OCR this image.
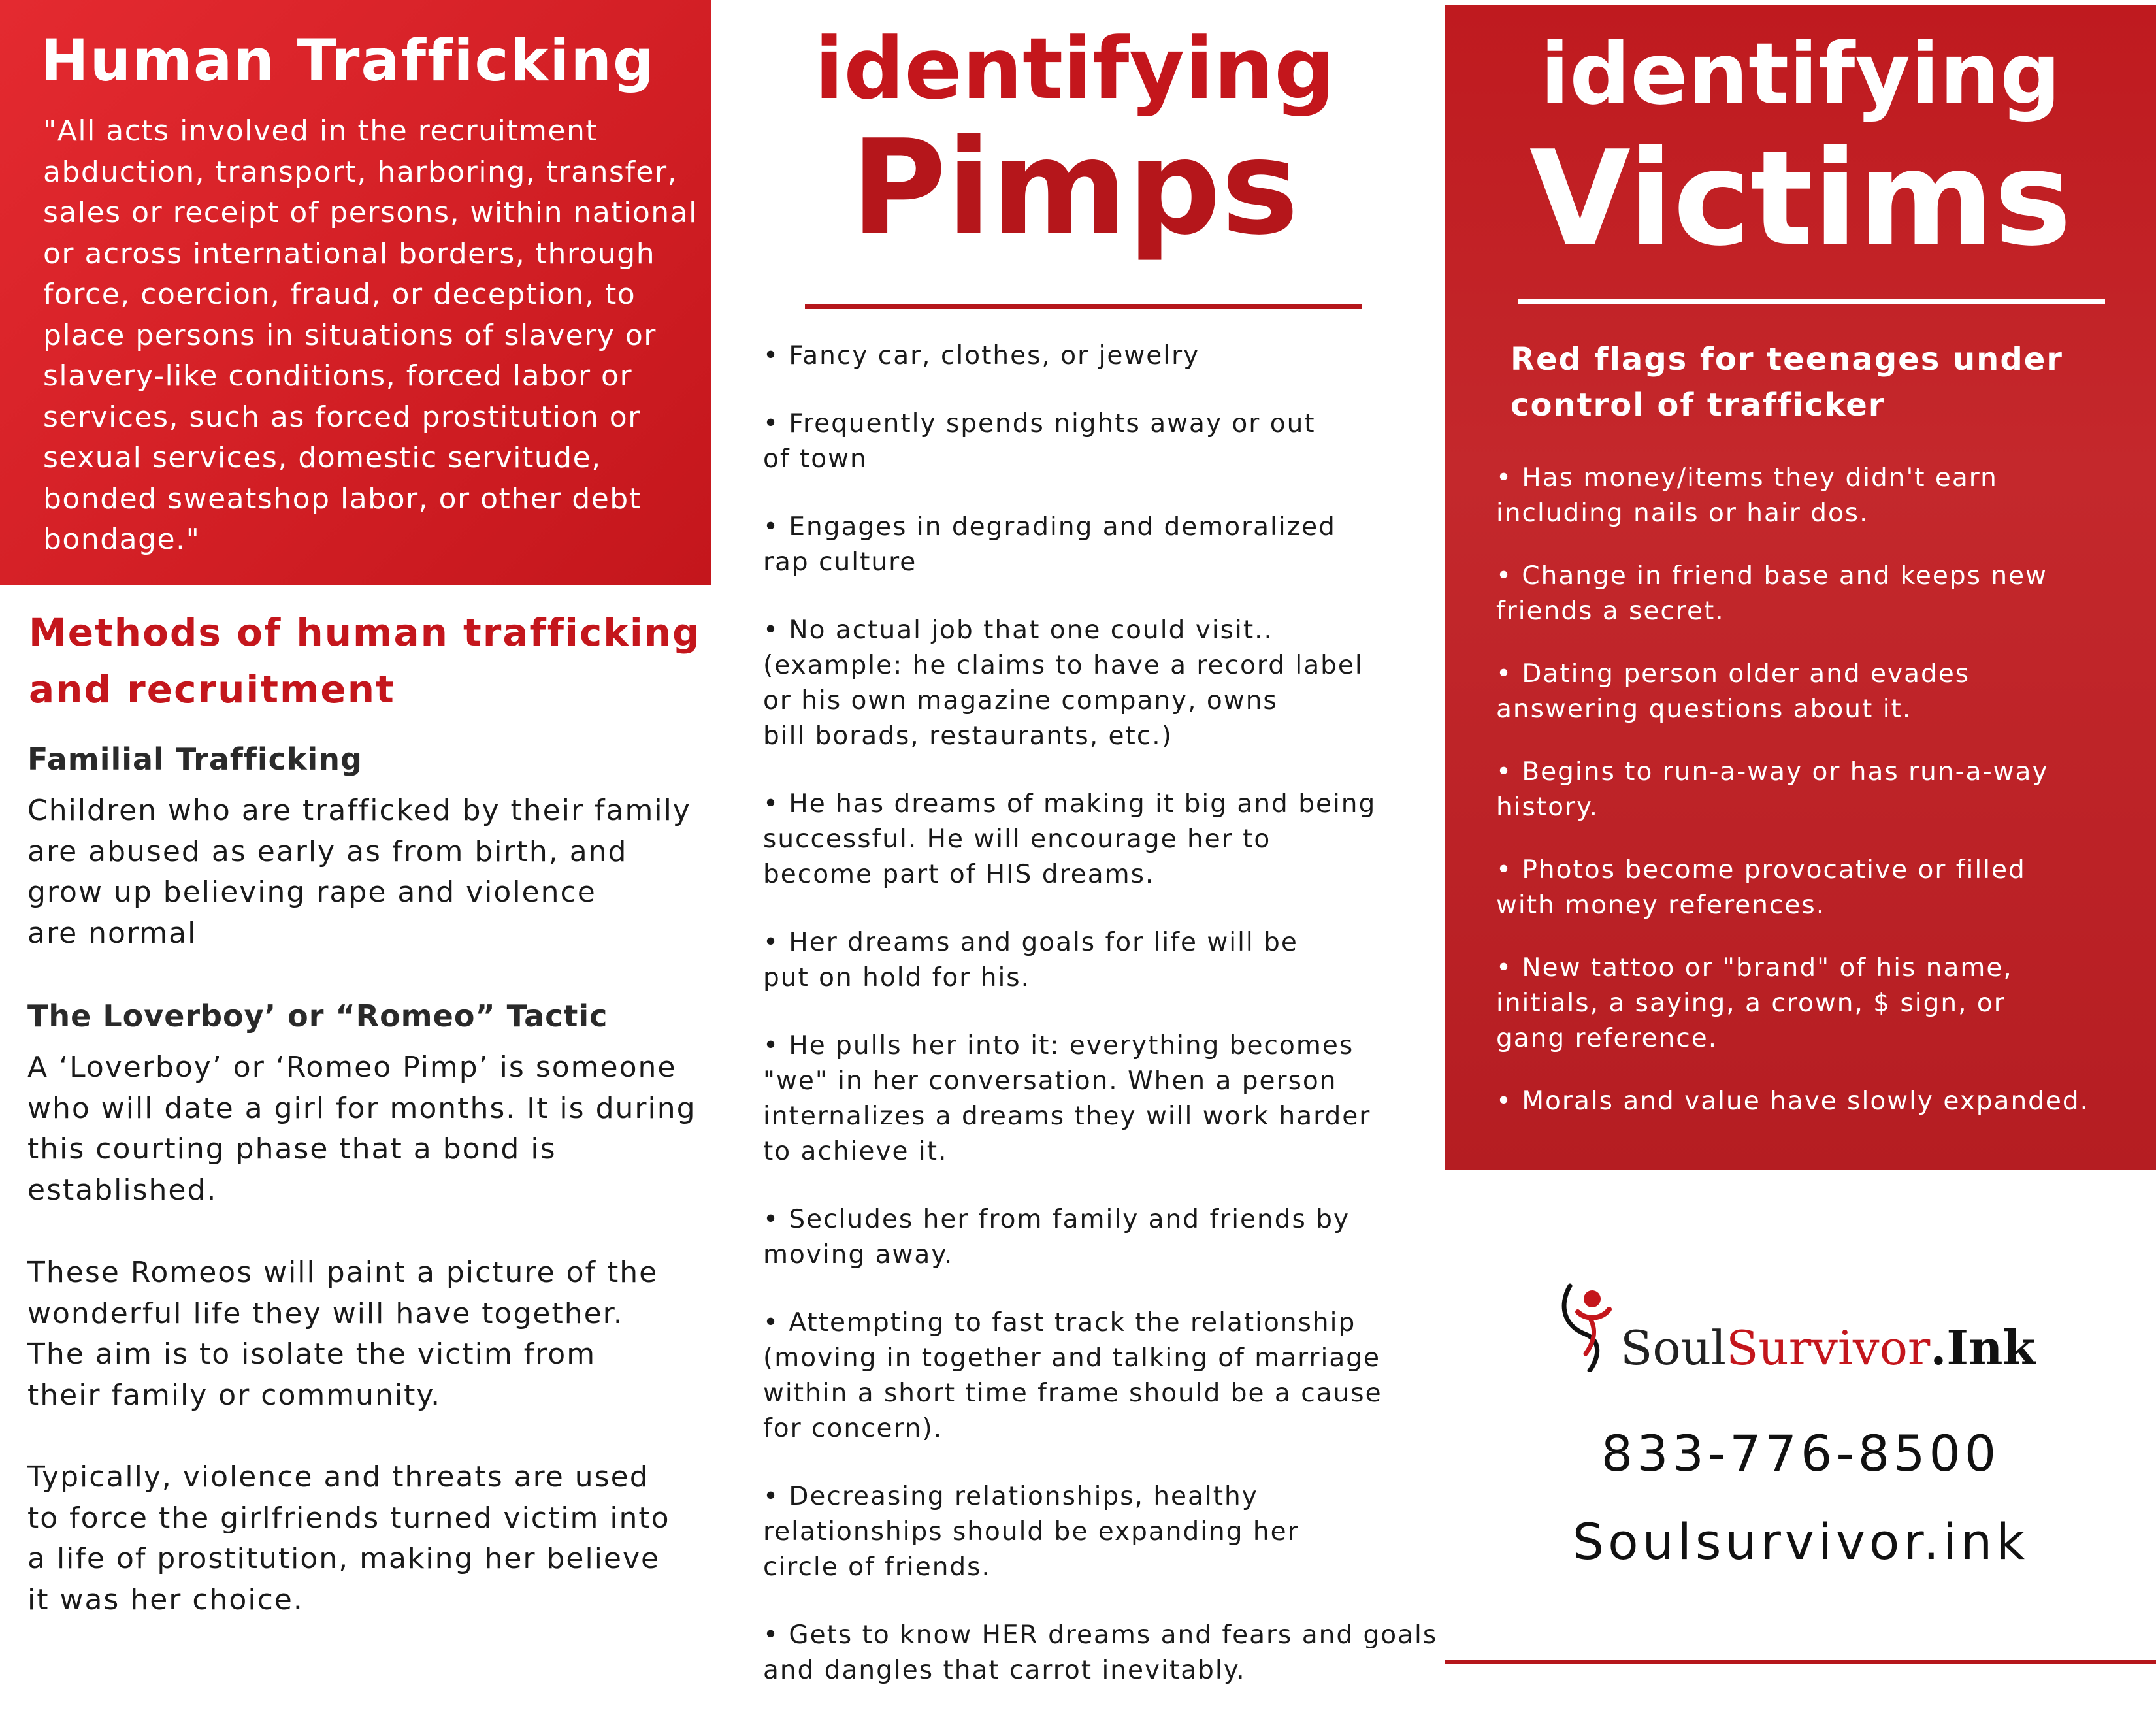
Human Trafficking

"All acts involved in the recruitment abduction, transport, harboring, transfer, sales or receipt of persons, within national or across international borders, through force, coercion, fraud, or deception, to place persons in situations of slavery or slavery-like conditions, forced labor or services, such as forced prostitution or sexual services, domestic servitude, bonded sweatshop labor, or other debt bondage."

Methods of human trafficking and recruitment
Familial Trafficking

Children who are trafficked by their family
are abused as early as from birth, and
grow up believing rape and violence
are normal

The Loverboy’ or “Romeo” Tactic

A ‘Loverboy’ or ‘Romeo Pimp’ is someone
who will date a girl for months. It is during
this courting phase that a bond is
established.

These Romeos will paint a picture of the
wonderful life they will have together.
The aim is to isolate the victim from
their family or community.

Typically, violence and threats are used
to force the girlfriends turned victim into
a life of prostitution, making her believe
it was her choice.

identifying
Pimps
• Fancy car, clothes, or jewelry
• Frequently spends nights away or out
of town
• Engages in degrading and demoralized
rap culture
• No actual job that one could visit..
(example: he claims to have a record label
or his own magazine company, owns
bill borads, restaurants, etc.)
• He has dreams of making it big and being
successful. He will encourage her to
become part of HIS dreams.
• Her dreams and goals for life will be
put on hold for his.
• He pulls her into it: everything becomes
"we" in her conversation. When a person
internalizes a dreams they will work harder
to achieve it.
• Secludes her from family and friends by
moving away.
• Attempting to fast track the relationship
(moving in together and talking of marriage
within a short time frame should be a cause
for concern).
• Decreasing relationships, healthy
relationships should be expanding her
circle of friends.
• Gets to know HER dreams and fears and goals
and dangles that carrot inevitably.
identifying
Victims

Red flags for teenages under control of trafficker

• Has money/items they didn't earn
including nails or hair dos.
• Change in friend base and keeps new
friends a secret.
• Dating person older and evades
answering questions about it.
• Begins to run-a-way or has run-a-way
history.
• Photos become provocative or filled
with money references.
• New tattoo or "brand" of his name,
initials, a saying, a crown, $ sign, or
gang reference.
• Morals and value have slowly expanded.

SoulSurvivor.Ink

833-776-8500
Soulsurvivor.ink
